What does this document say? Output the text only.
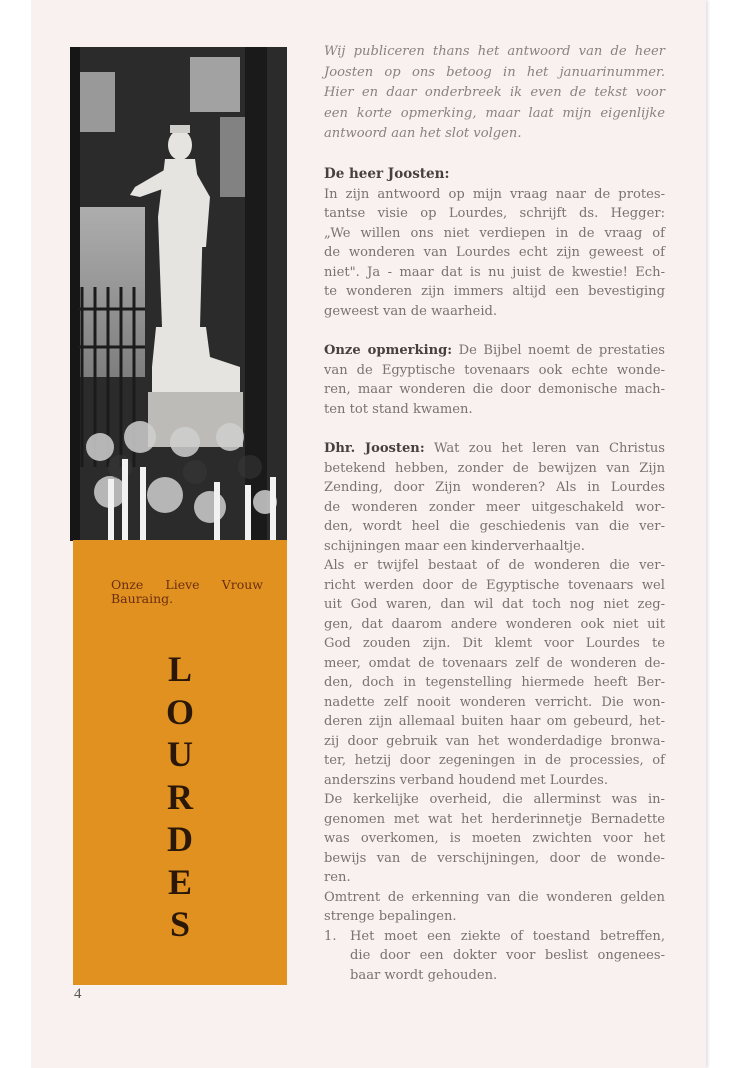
Onze Lieve Vrouw
Bauraing.
L
O
U
R
D
E
S
4

Wij publiceren thans het antwoord van de heer
Joosten op ons betoog in het januarinummer.
Hier en daar onderbreek ik even de tekst voor
een korte opmerking, maar laat mijn eigenlijke
antwoord aan het slot volgen.

De heer Joosten:

In zijn antwoord op mijn vraag naar de protes-
tantse visie op Lourdes, schrijft ds. Hegger:
„We willen ons niet verdiepen in de vraag of
de wonderen van Lourdes echt zijn geweest of
niet". Ja - maar dat is nu juist de kwestie! Ech-
te wonderen zijn immers altijd een bevestiging
geweest van de waarheid.

Onze opmerking: De Bijbel noemt de prestaties
van de Egyptische tovenaars ook echte wonde-
ren, maar wonderen die door demonische mach-
ten tot stand kwamen.

Dhr. Joosten: Wat zou het leren van Christus
betekend hebben, zonder de bewijzen van Zijn
Zending, door Zijn wonderen? Als in Lourdes
de wonderen zonder meer uitgeschakeld wor-
den, wordt heel die geschiedenis van die ver-
schijningen maar een kinderverhaaltje.

Als er twijfel bestaat of de wonderen die ver-
richt werden door de Egyptische tovenaars wel
uit God waren, dan wil dat toch nog niet zeg-
gen, dat daarom andere wonderen ook niet uit
God zouden zijn. Dit klemt voor Lourdes te
meer, omdat de tovenaars zelf de wonderen de-
den, doch in tegenstelling hiermede heeft Ber-
nadette zelf nooit wonderen verricht. Die won-
deren zijn allemaal buiten haar om gebeurd, het-
zij door gebruik van het wonderdadige bronwa-
ter, hetzij door zegeningen in de processies, of
anderszins verband houdend met Lourdes.

De kerkelijke overheid, die allerminst was in-
genomen met wat het herderinnetje Bernadette
was overkomen, is moeten zwichten voor het
bewijs van de verschijningen, door de wonde-
ren.

Omtrent de erkenning van die wonderen gelden
strenge bepalingen.

1.	Het moet een ziekte of toestand betreffen,
die door een dokter voor beslist ongenees-
baar wordt gehouden.
